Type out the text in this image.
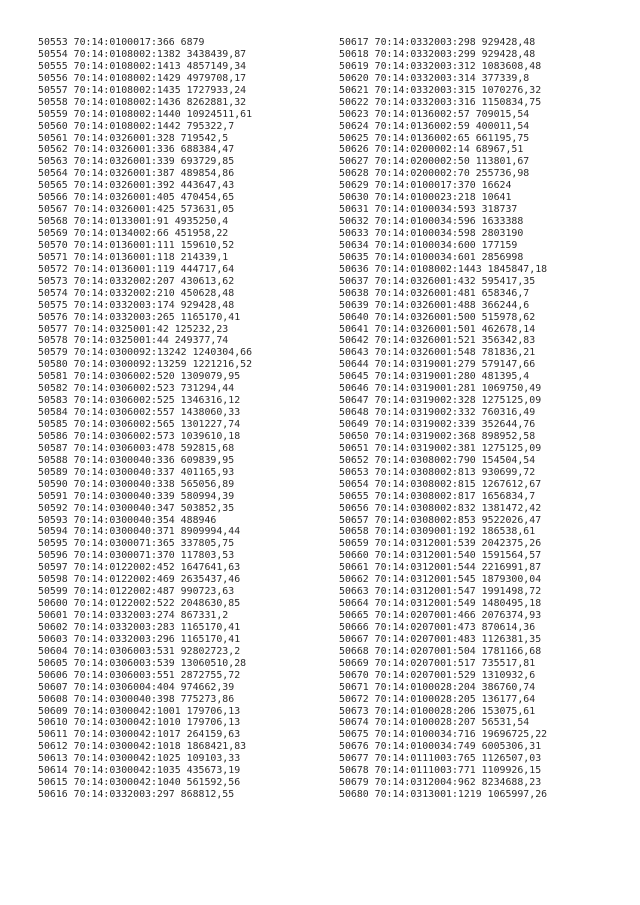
50553 70:14:0100017:366 6879
50554 70:14:0108002:1382 3438439,87
50555 70:14:0108002:1413 4857149,34
50556 70:14:0108002:1429 4979708,17
50557 70:14:0108002:1435 1727933,24
50558 70:14:0108002:1436 8262881,32
50559 70:14:0108002:1440 10924511,61
50560 70:14:0108002:1442 795322,7
50561 70:14:0326001:328 719542,5
50562 70:14:0326001:336 688384,47
50563 70:14:0326001:339 693729,85
50564 70:14:0326001:387 489854,86
50565 70:14:0326001:392 443647,43
50566 70:14:0326001:405 470454,65
50567 70:14:0326001:425 573631,05
50568 70:14:0133001:91 4935250,4
50569 70:14:0134002:66 451958,22
50570 70:14:0136001:111 159610,52
50571 70:14:0136001:118 214339,1
50572 70:14:0136001:119 444717,64
50573 70:14:0332002:207 430613,62
50574 70:14:0332002:210 450628,48
50575 70:14:0332003:174 929428,48
50576 70:14:0332003:265 1165170,41
50577 70:14:0325001:42 125232,23
50578 70:14:0325001:44 249377,74
50579 70:14:0300092:13242 1240304,66
50580 70:14:0300092:13259 1221216,52
50581 70:14:0306002:520 1309079,95
50582 70:14:0306002:523 731294,44
50583 70:14:0306002:525 1346316,12
50584 70:14:0306002:557 1438060,33
50585 70:14:0306002:565 1301227,74
50586 70:14:0306002:573 1039610,18
50587 70:14:0306003:478 592815,68
50588 70:14:0300040:336 609839,95
50589 70:14:0300040:337 401165,93
50590 70:14:0300040:338 565056,89
50591 70:14:0300040:339 580994,39
50592 70:14:0300040:347 503852,35
50593 70:14:0300040:354 488946
50594 70:14:0300040:371 8909994,44
50595 70:14:0300071:365 337805,75
50596 70:14:0300071:370 117803,53
50597 70:14:0122002:452 1647641,63
50598 70:14:0122002:469 2635437,46
50599 70:14:0122002:487 990723,63
50600 70:14:0122002:522 2048630,85
50601 70:14:0332003:274 867331,2
50602 70:14:0332003:283 1165170,41
50603 70:14:0332003:296 1165170,41
50604 70:14:0306003:531 92802723,2
50605 70:14:0306003:539 13060510,28
50606 70:14:0306003:551 2872755,72
50607 70:14:0306004:404 974662,39
50608 70:14:0300040:398 775273,86
50609 70:14:0300042:1001 179706,13
50610 70:14:0300042:1010 179706,13
50611 70:14:0300042:1017 264159,63
50612 70:14:0300042:1018 1868421,83
50613 70:14:0300042:1025 109103,33
50614 70:14:0300042:1035 435673,19
50615 70:14:0300042:1040 561592,56
50616 70:14:0332003:297 868812,55
50617 70:14:0332003:298 929428,48
50618 70:14:0332003:299 929428,48
50619 70:14:0332003:312 1083608,48
50620 70:14:0332003:314 377339,8
50621 70:14:0332003:315 1070276,32
50622 70:14:0332003:316 1150834,75
50623 70:14:0136002:57 709015,54
50624 70:14:0136002:59 400011,54
50625 70:14:0136002:65 661195,75
50626 70:14:0200002:14 68967,51
50627 70:14:0200002:50 113801,67
50628 70:14:0200002:70 255736,98
50629 70:14:0100017:370 16624
50630 70:14:0100023:218 10641
50631 70:14:0100034:593 318737
50632 70:14:0100034:596 1633388
50633 70:14:0100034:598 2803190
50634 70:14:0100034:600 177159
50635 70:14:0100034:601 2856998
50636 70:14:0108002:1443 1845847,18
50637 70:14:0326001:432 595417,35
50638 70:14:0326001:481 658346,7
50639 70:14:0326001:488 366244,6
50640 70:14:0326001:500 515978,62
50641 70:14:0326001:501 462678,14
50642 70:14:0326001:521 356342,83
50643 70:14:0326001:548 781836,21
50644 70:14:0319001:279 579147,66
50645 70:14:0319001:280 481395,4
50646 70:14:0319001:281 1069750,49
50647 70:14:0319002:328 1275125,09
50648 70:14:0319002:332 760316,49
50649 70:14:0319002:339 352644,76
50650 70:14:0319002:368 898952,58
50651 70:14:0319002:381 1275125,09
50652 70:14:0308002:790 154504,54
50653 70:14:0308002:813 930699,72
50654 70:14:0308002:815 1267612,67
50655 70:14:0308002:817 1656834,7
50656 70:14:0308002:832 1381472,42
50657 70:14:0308002:853 9522026,47
50658 70:14:0309001:192 186538,61
50659 70:14:0312001:539 2042375,26
50660 70:14:0312001:540 1591564,57
50661 70:14:0312001:544 2216991,87
50662 70:14:0312001:545 1879300,04
50663 70:14:0312001:547 1991498,72
50664 70:14:0312001:549 1480495,18
50665 70:14:0207001:466 2076374,93
50666 70:14:0207001:473 870614,36
50667 70:14:0207001:483 1126381,35
50668 70:14:0207001:504 1781166,68
50669 70:14:0207001:517 735517,81
50670 70:14:0207001:529 1310932,6
50671 70:14:0100028:204 386760,74
50672 70:14:0100028:205 136177,64
50673 70:14:0100028:206 153075,61
50674 70:14:0100028:207 56531,54
50675 70:14:0100034:716 19696725,22
50676 70:14:0100034:749 6005306,31
50677 70:14:0111003:765 1126507,03
50678 70:14:0111003:771 1109926,15
50679 70:14:0312004:962 8234688,23
50680 70:14:0313001:1219 1065997,26
